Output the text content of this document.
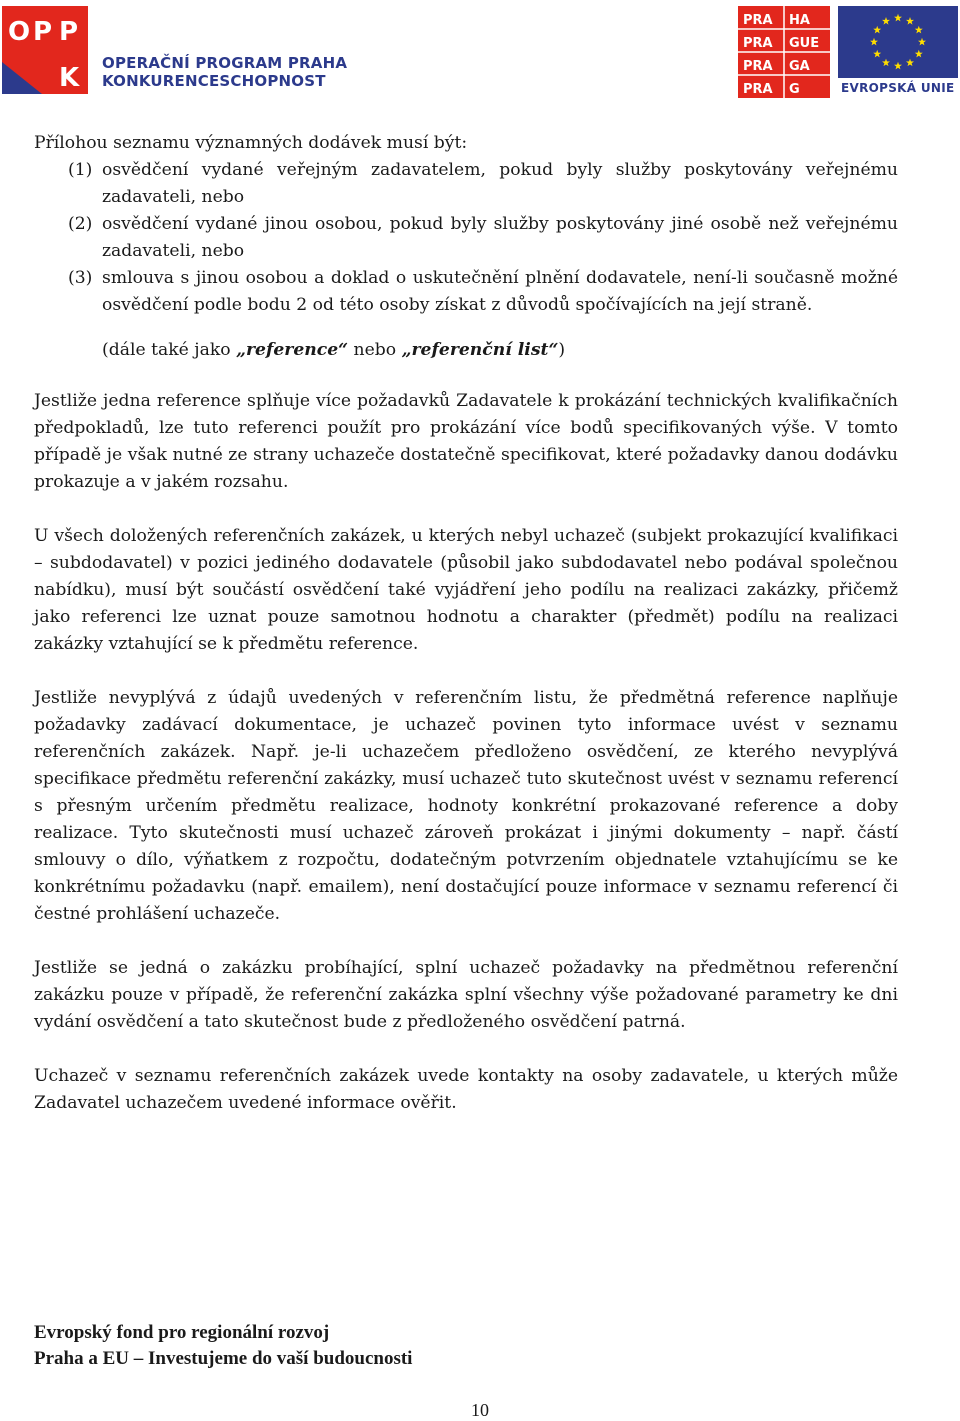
O P P
K OPERAČNÍ PROGRAM PRAHA
KONKURENCESCHOPNOST
PRA HA
PRA GUE
PRA GA
PRA G	EVROPSKÁ UNIE

Přílohou seznamu významných dodávek musí být:

(1) osvědčení vydané veřejným zadavatelem, pokud byly služby poskytovány veřejnému zadavateli, nebo
(2) osvědčení vydané jinou osobou, pokud byly služby poskytovány jiné osobě než veřejnému zadavateli, nebo
(3) smlouva s jinou osobou a doklad o uskutečnění plnění dodavatele, není-li současně možné osvědčení podle bodu 2 od této osoby získat z důvodů spočívajících na její straně.

(dále také jako „reference“ nebo „referenční list“)

Jestliže jedna reference splňuje více požadavků Zadavatele k prokázání technických kvalifikačních předpokladů, lze tuto referenci použít pro prokázání více bodů specifikovaných výše. V tomto případě je však nutné ze strany uchazeče dostatečně specifikovat, které požadavky danou dodávku prokazuje a v jakém rozsahu.

U všech doložených referenčních zakázek, u kterých nebyl uchazeč (subjekt prokazující kvalifikaci – subdodavatel) v pozici jediného dodavatele (působil jako subdodavatel nebo podával společnou nabídku), musí být součástí osvědčení také vyjádření jeho podílu na realizaci zakázky, přičemž jako referenci lze uznat pouze samotnou hodnotu a charakter (předmět) podílu na realizaci zakázky vztahující se k předmětu reference.

Jestliže nevyplývá z údajů uvedených v referenčním listu, že předmětná reference naplňuje požadavky zadávací dokumentace, je uchazeč povinen tyto informace uvést v seznamu referenčních zakázek. Např. je-li uchazečem předloženo osvědčení, ze kterého nevyplývá specifikace předmětu referenční zakázky, musí uchazeč tuto skutečnost uvést v seznamu referencí s přesným určením předmětu realizace, hodnoty konkrétní prokazované reference a doby realizace. Tyto skutečnosti musí uchazeč zároveň prokázat i jinými dokumenty – např. částí smlouvy o dílo, výňatkem z rozpočtu, dodatečným potvrzením objednatele vztahujícímu se ke konkrétnímu požadavku (např. emailem), není dostačující pouze informace v seznamu referencí či čestné prohlášení uchazeče.

Jestliže se jedná o zakázku probíhající, splní uchazeč požadavky na předmětnou referenční zakázku pouze v případě, že referenční zakázka splní všechny výše požadované parametry ke dni vydání osvědčení a tato skutečnost bude z předloženého osvědčení patrná.

Uchazeč v seznamu referenčních zakázek uvede kontakty na osoby zadavatele, u kterých může Zadavatel uchazečem uvedené informace ověřit.

Evropský fond pro regionální rozvoj
Praha a EU – Investujeme do vaší budoucnosti
10
